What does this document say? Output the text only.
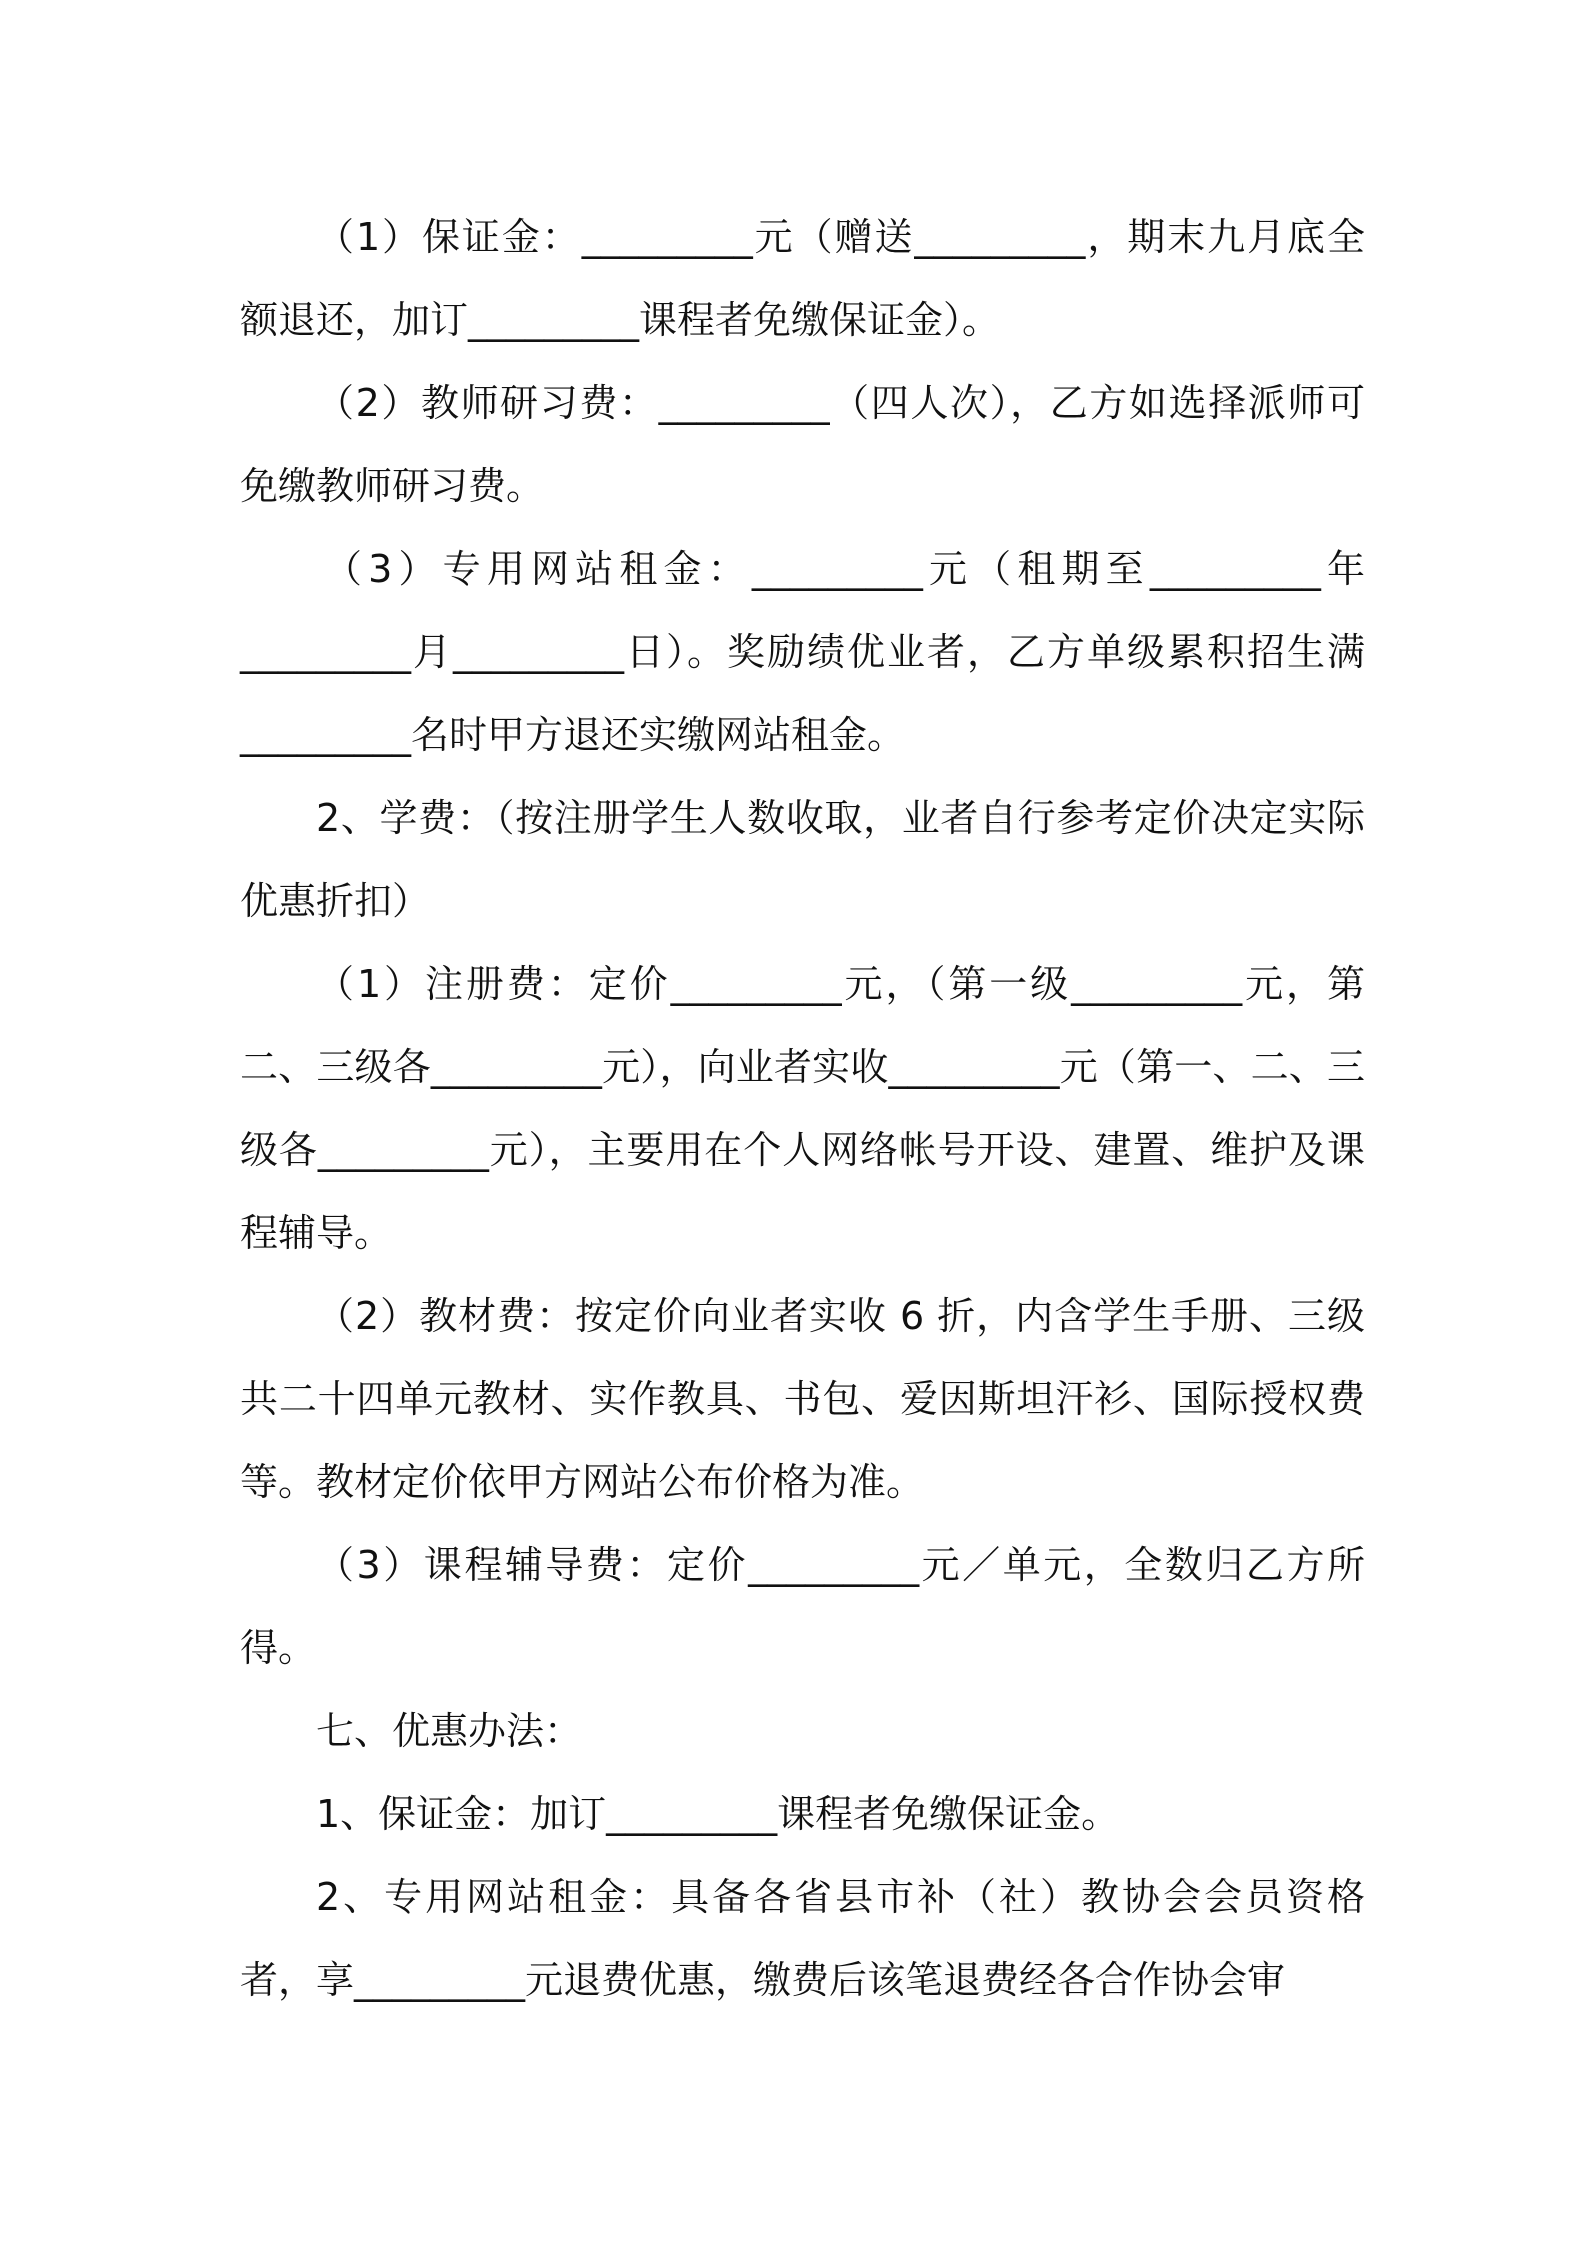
（1）保证金：_________元（赠送_________，期末九月底全额退还，加订_________课程者免缴保证金）。

（2）教师研习费：_________（四人次），乙方如选择派师可免缴教师研习费。

（3）专用网站租金：_________元（租期至_________年_________月_________日）。奖励绩优业者，乙方单级累积招生满_________名时甲方退还实缴网站租金。

2、学费：（按注册学生人数收取，业者自行参考定价决定实际优惠折扣）

（1）注册费：定价_________元，（第一级_________元，第二、三级各_________元），向业者实收_________元（第一、二、三级各_________元），主要用在个人网络帐号开设、建置、维护及课程辅导。

（2）教材费：按定价向业者实收 6 折，内含学生手册、三级共二十四单元教材、实作教具、书包、爱因斯坦汗衫、国际授权费等。教材定价依甲方网站公布价格为准。

（3）课程辅导费：定价_________元／单元，全数归乙方所得。

七、优惠办法：

1、保证金：加订_________课程者免缴保证金。

2、专用网站租金：具备各省县市补（社）教协会会员资格者，享_________元退费优惠，缴费后该笔退费经各合作协会审
